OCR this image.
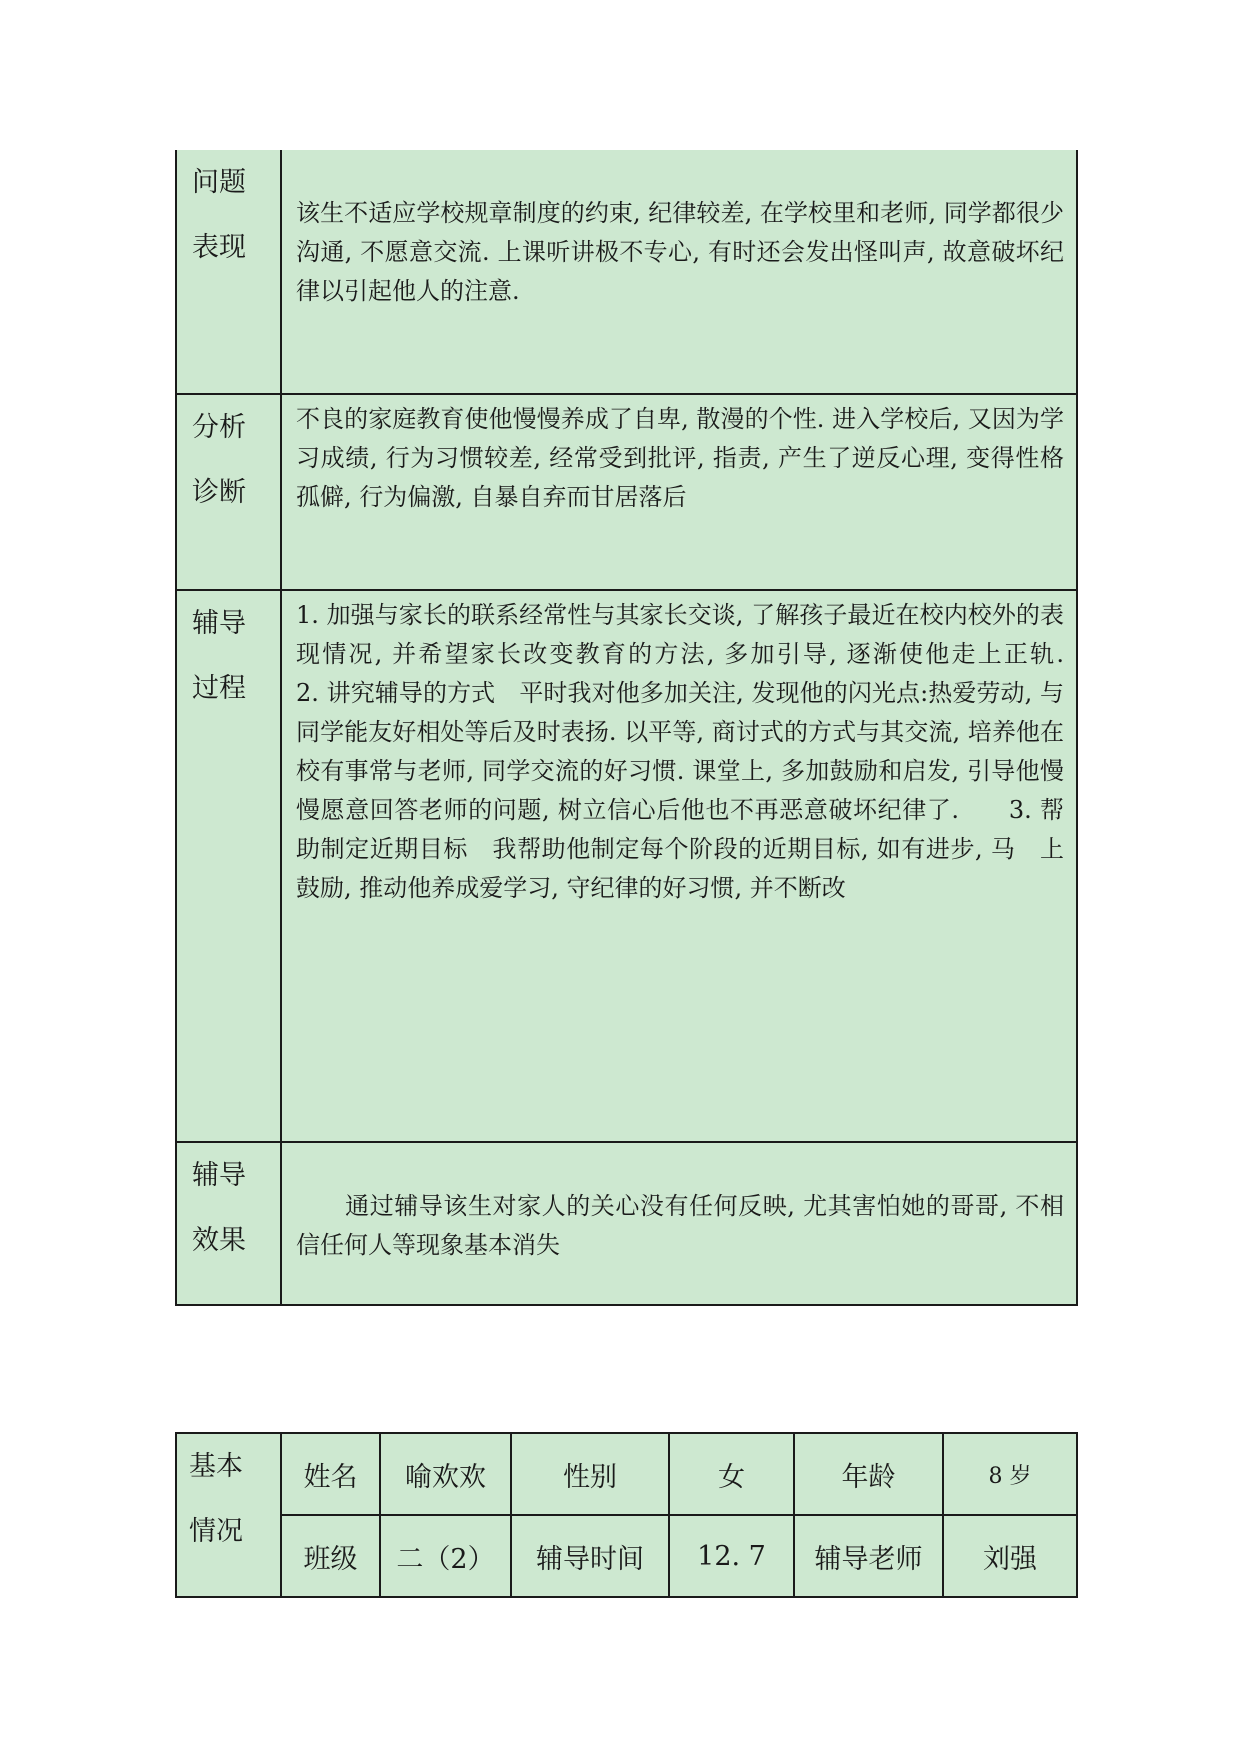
问题
表现	该生不适应学校规章制度的约束, 纪律较差, 在学校里和老师, 同学都很少沟通, 不愿意交流. 上课听讲极不专心, 有时还会发出怪叫声, 故意破坏纪律以引起他人的注意.

分析
诊断	不良的家庭教育使他慢慢养成了自卑, 散漫的个性. 进入学校后, 又因为学习成绩, 行为习惯较差, 经常受到批评, 指责, 产生了逆反心理, 变得性格孤僻, 行为偏激, 自暴自弃而甘居落后

辅导
过程	1. 加强与家长的联系经常性与其家长交谈, 了解孩子最近在校内校外的表现情况, 并希望家长改变教育的方法, 多加引导, 逐渐使他走上正轨.　　　2. 讲究辅导的方式　平时我对他多加关注, 发现他的闪光点:热爱劳动, 与同学能友好相处等后及时表扬. 以平等, 商讨式的方式与其交流, 培养他在校有事常与老师, 同学交流的好习惯. 课堂上, 多加鼓励和启发, 引导他慢慢愿意回答老师的问题, 树立信心后他也不再恶意破坏纪律了.　　3. 帮助制定近期目标　我帮助他制定每个阶段的近期目标, 如有进步, 马　上鼓励, 推动他养成爱学习, 守纪律的好习惯, 并不断改

辅导
效果	　　通过辅导该生对家人的关心没有任何反映, 尤其害怕她的哥哥, 不相信任何人等现象基本消失
基本
情况	姓名	喻欢欢	性别	女	年龄	8 岁
	班级	二（2）	辅导时间	12. 7	辅导老师	刘强
